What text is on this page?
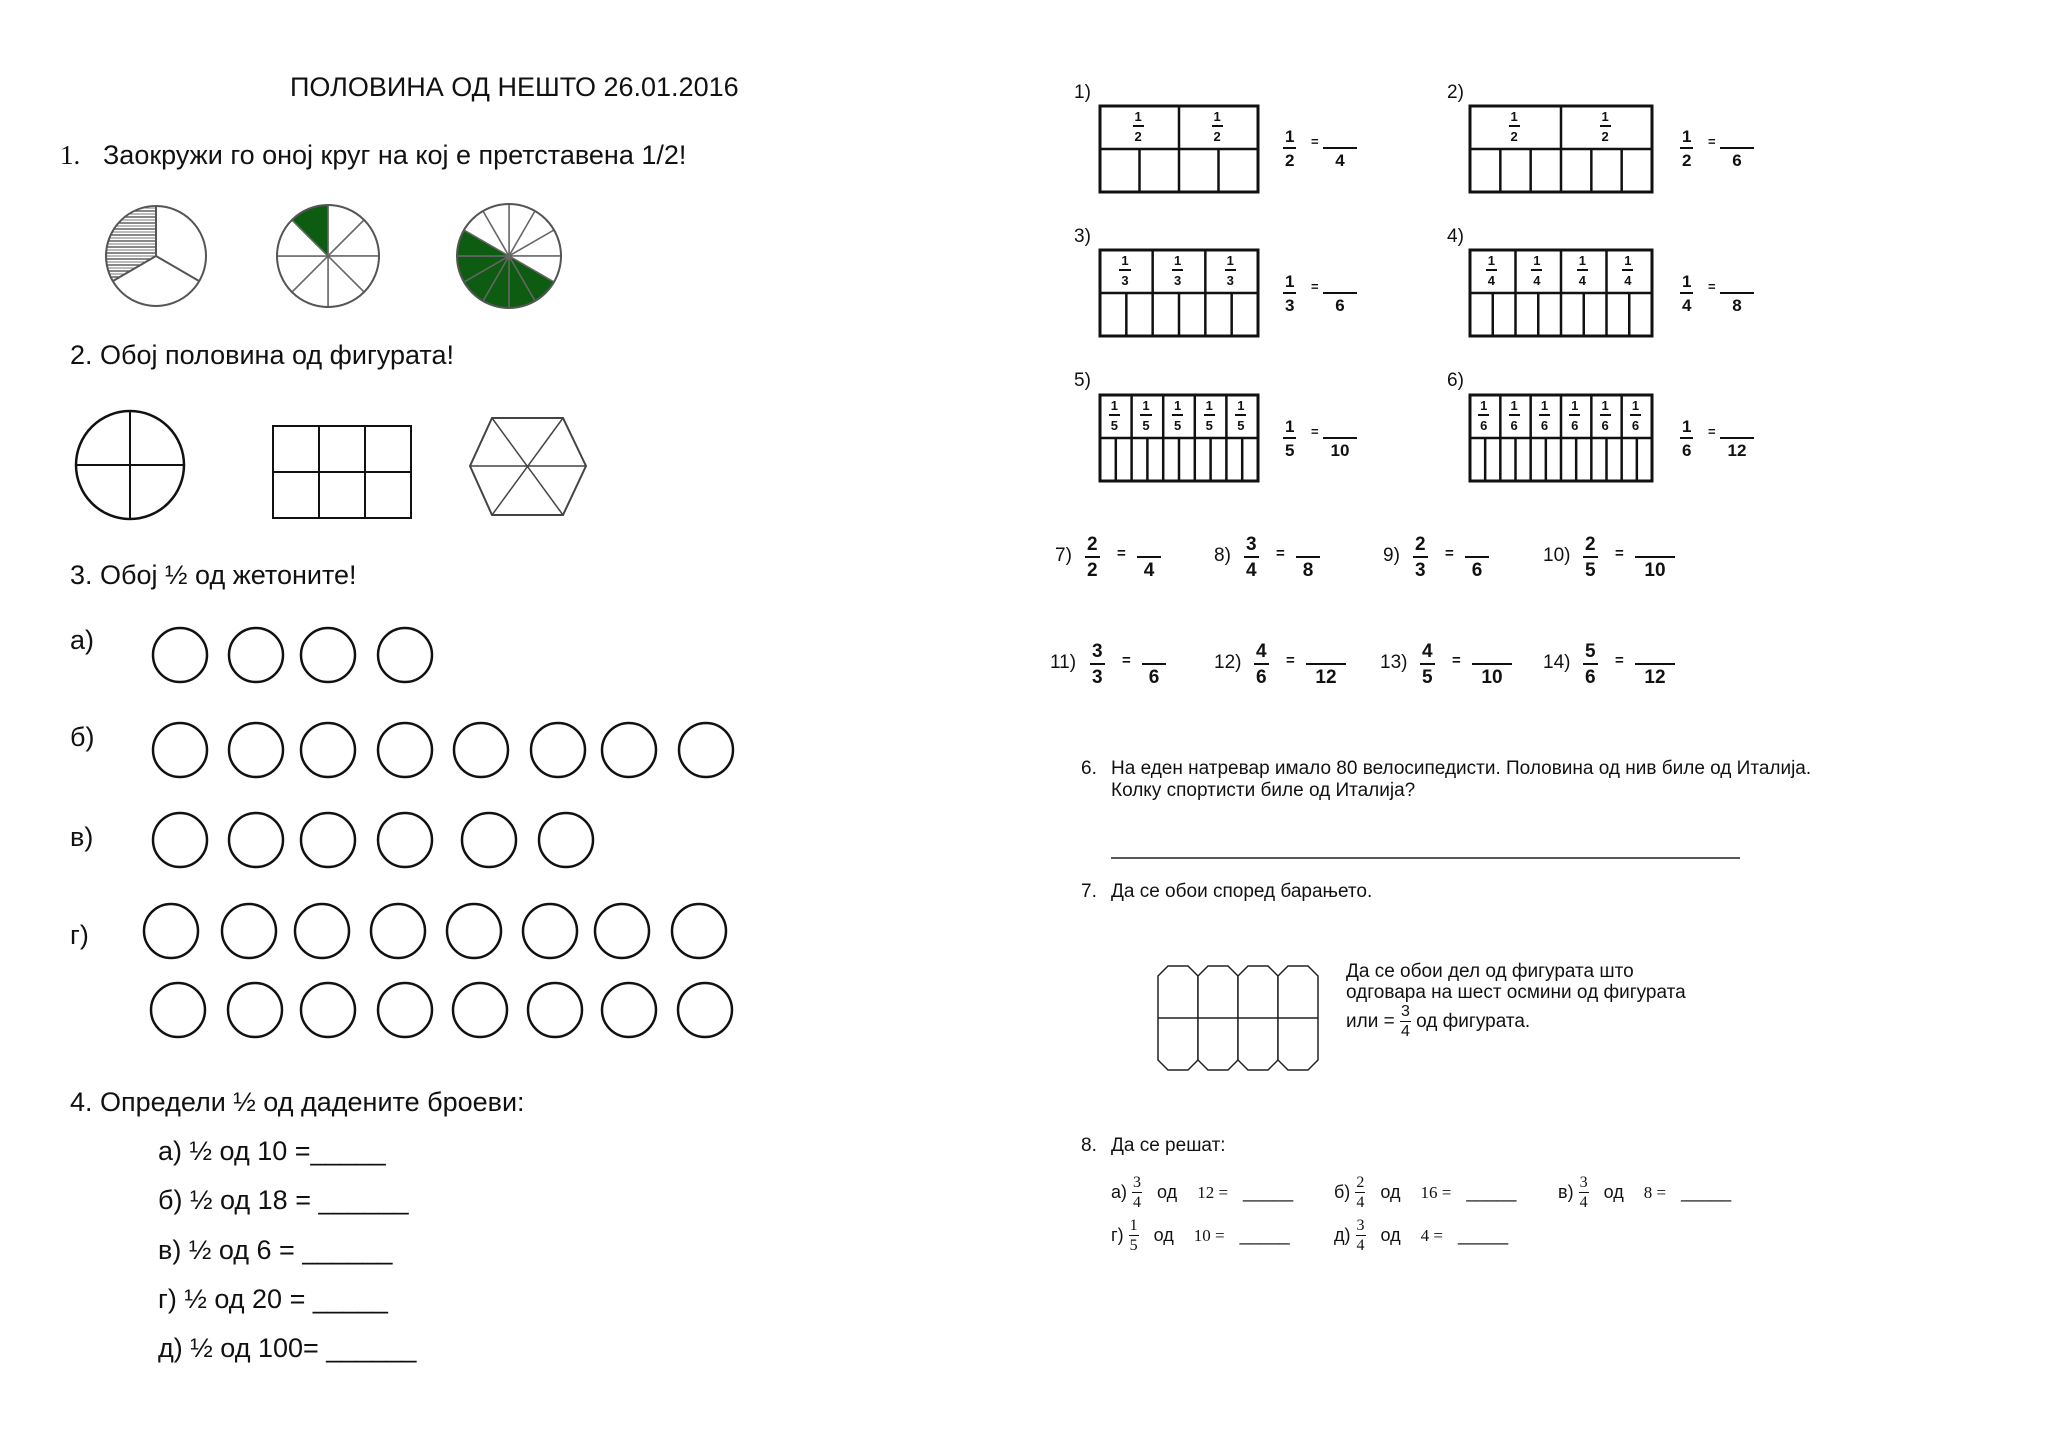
ПОЛОВИНА ОД НЕШТО 26.01.2016
1. Заокружи го оној круг на кој е претставена 1/2!
2. Обој половина од фигурата!
3. Обој ½ од жетоните!
а)
б)
в)
г)
4. Определи ½ од дадените броеви:
а) ½ од 10 =_____
б) ½ од 18 = ______
в) ½ од 6 = ______
г) ½ од 20 = _____
д) ½ од 100= ______
$\frac{1}{2}$	$\frac{1}{2}$
1)
$\frac{1}{2}$ =

4
$\frac{1}{2}$	$\frac{1}{2}$
2)
$\frac{1}{2}$ =

6
$\frac{1}{3}$	$\frac{1}{3}$	$\frac{1}{3}$
3)
$\frac{1}{3}$ =

6
$\frac{1}{4}$	$\frac{1}{4}$	$\frac{1}{4}$	$\frac{1}{4}$
4)
$\frac{1}{4}$ =

8
$\frac{1}{5} \frac{1}{5} \frac{1}{5} \frac{1}{5} \frac{1}{5}$
5)
$\frac{1}{5}$ =

10
$\frac{1}{6} \frac{1}{6} \frac{1}{6} \frac{1}{6} \frac{1}{6} \frac{1}{6}$
6)
$\frac{1}{6}$ =

12
$7) \frac{2}{2}$ =

4
$8) \frac{3}{4}$ =

8
$9) \frac{2}{3}$ =

6
$10) \frac{2}{5}$ =

10
$11) \frac{3}{3}$ =

6
$12) \frac{4}{6}$ =

12
$13) \frac{4}{5}$ =

10
$14) \frac{5}{6}$ =

12
6. На еден натревар имало 80 велосипедисти. Половина од нив биле од Италија.
Колку спортисти биле од Италија?
7. Да се обои според барањето.
Да се обои дел од фигурата што
одговара на шест осмини од фигурата
или = $\frac{3}{4}$ од фигурата.
8. Да се решат:
$а) \frac{3}{4}$ од 12 = _____ $б) \frac{2}{4}$ од 16 = _____ $в) \frac{3}{4}$ од 8 = _____
$г) \frac{1}{5}$ од 10 = _____ $д) \frac{3}{4}$ од 4 = _____
